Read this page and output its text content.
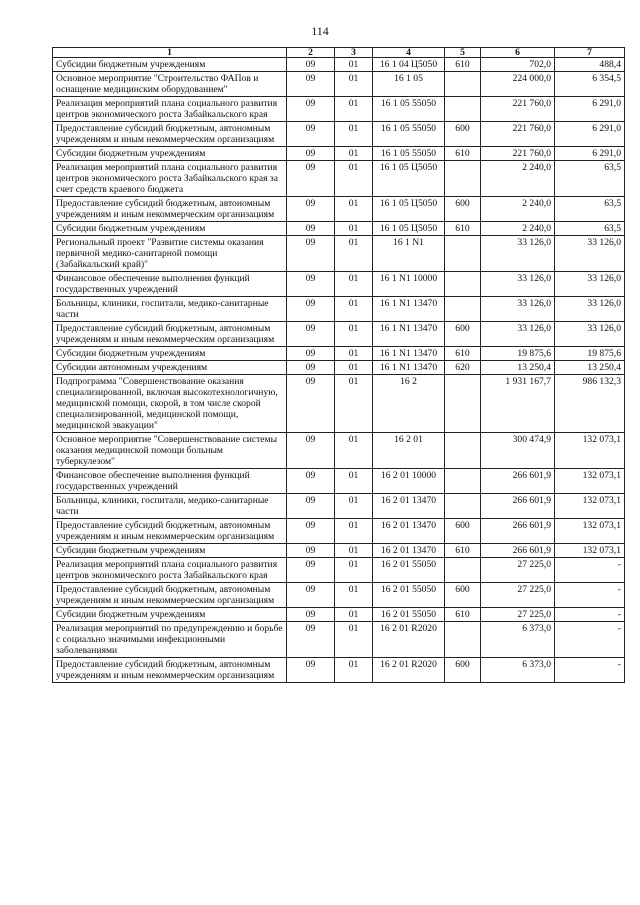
114
1	2	3	4	5	6	7
Субсидии бюджетным учреждениям	09	01	16 1 04 Ц5050	610	702,0	488,4
Основное мероприятие "Строительство ФАПов и оснащение медицинским оборудованием"	09	01	16 1 05		224 000,0	6 354,5
Реализация мероприятий плана социального развития центров экономического роста Забайкальского края	09	01	16 1 05 55050		221 760,0	6 291,0
Предоставление субсидий бюджетным, автономным учреждениям и иным некоммерческим организациям	09	01	16 1 05 55050	600	221 760,0	6 291,0
Субсидии бюджетным учреждениям	09	01	16 1 05 55050	610	221 760,0	6 291,0
Реализация мероприятий плана социального развития центров экономического роста Забайкальского края за счет средств краевого бюджета	09	01	16 1 05 Ц5050		2 240,0	63,5
Предоставление субсидий бюджетным, автономным учреждениям и иным некоммерческим организациям	09	01	16 1 05 Ц5050	600	2 240,0	63,5
Субсидии бюджетным учреждениям	09	01	16 1 05 Ц5050	610	2 240,0	63,5
Региональный проект "Развитие системы оказания первичной медико-санитарной помощи (Забайкальский край)"	09	01	16 1 N1		33 126,0	33 126,0
Финансовое обеспечение выполнения функций государственных учреждений	09	01	16 1 N1 10000		33 126,0	33 126,0
Больницы, клиники, госпитали, медико-санитарные части	09	01	16 1 N1 13470		33 126,0	33 126,0
Предоставление субсидий бюджетным, автономным учреждениям и иным некоммерческим организациям	09	01	16 1 N1 13470	600	33 126,0	33 126,0
Субсидии бюджетным учреждениям	09	01	16 1 N1 13470	610	19 875,6	19 875,6
Субсидии автономным учреждениям	09	01	16 1 N1 13470	620	13 250,4	13 250,4
Подпрограмма "Совершенствование оказания специализированной, включая высокотехнологичную, медицинской помощи, скорой, в том числе скорой специализированной, медицинской помощи, медицинской эвакуации"	09	01	16 2		1 931 167,7	986 132,3
Основное мероприятие "Совершенствование системы оказания медицинской помощи больным туберкулезом"	09	01	16 2 01		300 474,9	132 073,1
Финансовое обеспечение выполнения функций государственных учреждений	09	01	16 2 01 10000		266 601,9	132 073,1
Больницы, клиники, госпитали, медико-санитарные части	09	01	16 2 01 13470		266 601,9	132 073,1
Предоставление субсидий бюджетным, автономным учреждениям и иным некоммерческим организациям	09	01	16 2 01 13470	600	266 601,9	132 073,1
Субсидии бюджетным учреждениям	09	01	16 2 01 13470	610	266 601,9	132 073,1
Реализация мероприятий плана социального развития центров экономического роста Забайкальского края	09	01	16 2 01 55050		27 225,0	-
Предоставление субсидий бюджетным, автономным учреждениям и иным некоммерческим организациям	09	01	16 2 01 55050	600	27 225,0	-
Субсидии бюджетным учреждениям	09	01	16 2 01 55050	610	27 225,0	-
Реализация мероприятий по предупреждению и борьбе с социально значимыми инфекционными заболеваниями	09	01	16 2 01 R2020		6 373,0	-
Предоставление субсидий бюджетным, автономным учреждениям и иным некоммерческим организациям	09	01	16 2 01 R2020	600	6 373,0	-
